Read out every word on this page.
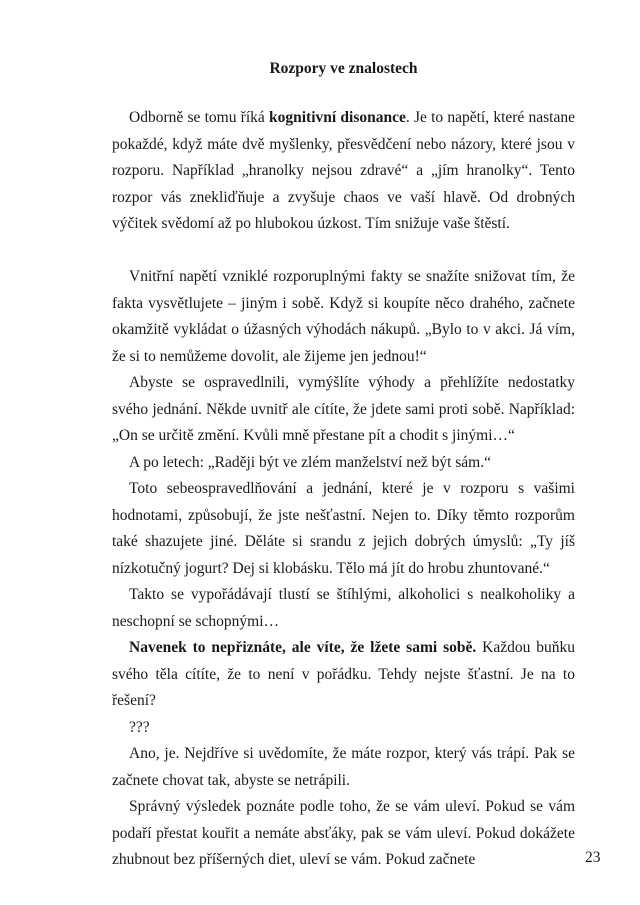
Rozpory ve znalostech

Odborně se tomu říká kognitivní disonance. Je to napětí, které nastane pokaždé, když máte dvě myšlenky, přesvědčení nebo názory, které jsou v rozporu. Například „hranolky nejsou zdravé“ a „jím hranolky“. Tento rozpor vás znekliďňuje a zvyšuje chaos ve vaší hlavě. Od drobných výčitek svědomí až po hlubokou úzkost. Tím snižuje vaše štěstí.

Vnitřní napětí vzniklé rozporuplnými fakty se snažíte snižovat tím, že fakta vysvětlujete – jiným i sobě. Když si koupíte něco drahého, začnete okamžitě vykládat o úžasných výhodách nákupů. „Bylo to v akci. Já vím, že si to nemůžeme dovolit, ale žijeme jen jednou!“

Abyste se ospravedlnili, vymýšlíte výhody a přehlížíte nedostatky svého jednání. Někde uvnitř ale cítíte, že jdete sami proti sobě. Například: „On se určitě změní. Kvůli mně přestane pít a chodit s jinými…“

A po letech: „Raději být ve zlém manželství než být sám.“

Toto sebeospravedlňování a jednání, které je v rozporu s vašimi hodnotami, způsobují, že jste nešťastní. Nejen to. Díky těmto rozporům také shazujete jiné. Děláte si srandu z jejich dobrých úmyslů: „Ty jíš nízkotučný jogurt? Dej si klobásku. Tělo má jít do hrobu zhuntované.“

Takto se vypořádávají tlustí se štíhlými, alkoholici s nealkoholiky a neschopní se schopnými…

Navenek to nepřiznáte, ale víte, že lžete sami sobě. Každou buňku svého těla cítíte, že to není v pořádku. Tehdy nejste šťastní. Je na to řešení?

???

Ano, je. Nejdříve si uvědomíte, že máte rozpor, který vás trápí. Pak se začnete chovat tak, abyste se netrápili.

Správný výsledek poznáte podle toho, že se vám uleví. Pokud se vám podaří přestat kouřit a nemáte absťáky, pak se vám uleví. Pokud dokážete zhubnout bez příšerných diet, uleví se vám. Pokud začnete	23
